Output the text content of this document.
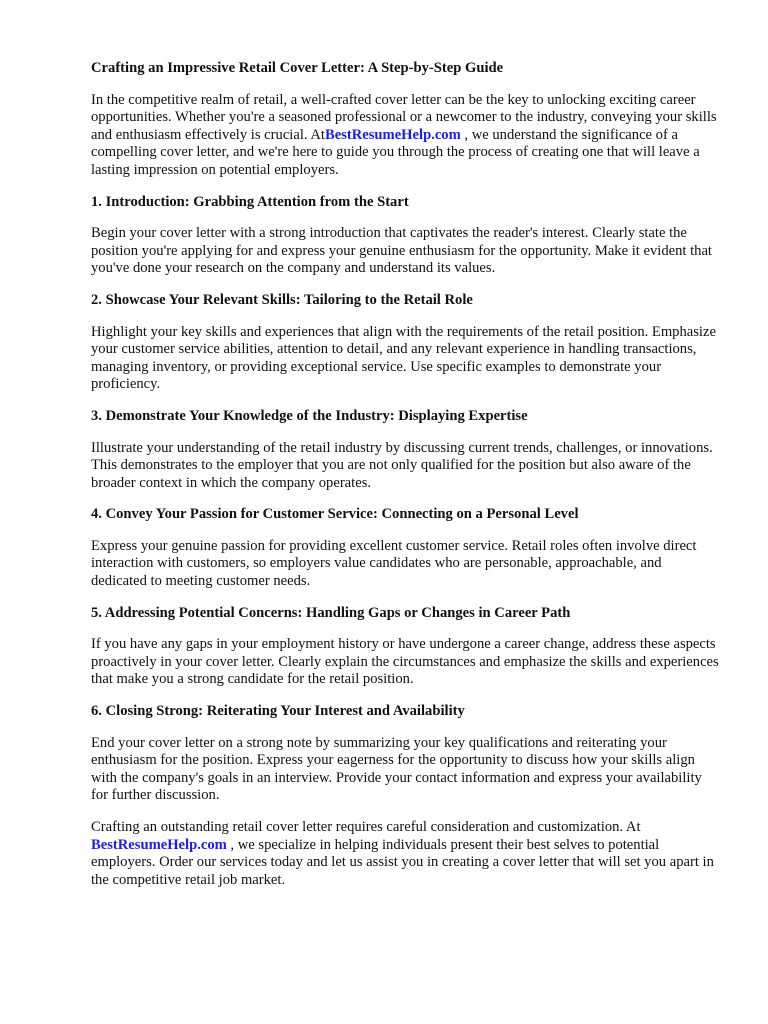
Crafting an Impressive Retail Cover Letter: A Step-by-Step Guide

In the competitive realm of retail, a well-crafted cover letter can be the key to unlocking exciting career opportunities. Whether you're a seasoned professional or a newcomer to the industry, conveying your skills and enthusiasm effectively is crucial. AtBestResumeHelp.com , we understand the significance of a compelling cover letter, and we're here to guide you through the process of creating one that will leave a lasting impression on potential employers.

1. Introduction: Grabbing Attention from the Start

Begin your cover letter with a strong introduction that captivates the reader's interest. Clearly state the position you're applying for and express your genuine enthusiasm for the opportunity. Make it evident that you've done your research on the company and understand its values.

2. Showcase Your Relevant Skills: Tailoring to the Retail Role

Highlight your key skills and experiences that align with the requirements of the retail position. Emphasize your customer service abilities, attention to detail, and any relevant experience in handling transactions, managing inventory, or providing exceptional service. Use specific examples to demonstrate your proficiency.

3. Demonstrate Your Knowledge of the Industry: Displaying Expertise

Illustrate your understanding of the retail industry by discussing current trends, challenges, or innovations. This demonstrates to the employer that you are not only qualified for the position but also aware of the broader context in which the company operates.

4. Convey Your Passion for Customer Service: Connecting on a Personal Level

Express your genuine passion for providing excellent customer service. Retail roles often involve direct interaction with customers, so employers value candidates who are personable, approachable, and dedicated to meeting customer needs.

5. Addressing Potential Concerns: Handling Gaps or Changes in Career Path

If you have any gaps in your employment history or have undergone a career change, address these aspects proactively in your cover letter. Clearly explain the circumstances and emphasize the skills and experiences that make you a strong candidate for the retail position.

6. Closing Strong: Reiterating Your Interest and Availability

End your cover letter on a strong note by summarizing your key qualifications and reiterating your enthusiasm for the position. Express your eagerness for the opportunity to discuss how your skills align with the company's goals in an interview. Provide your contact information and express your availability for further discussion.

Crafting an outstanding retail cover letter requires careful consideration and customization. At BestResumeHelp.com , we specialize in helping individuals present their best selves to potential employers. Order our services today and let us assist you in creating a cover letter that will set you apart in the competitive retail job market.
